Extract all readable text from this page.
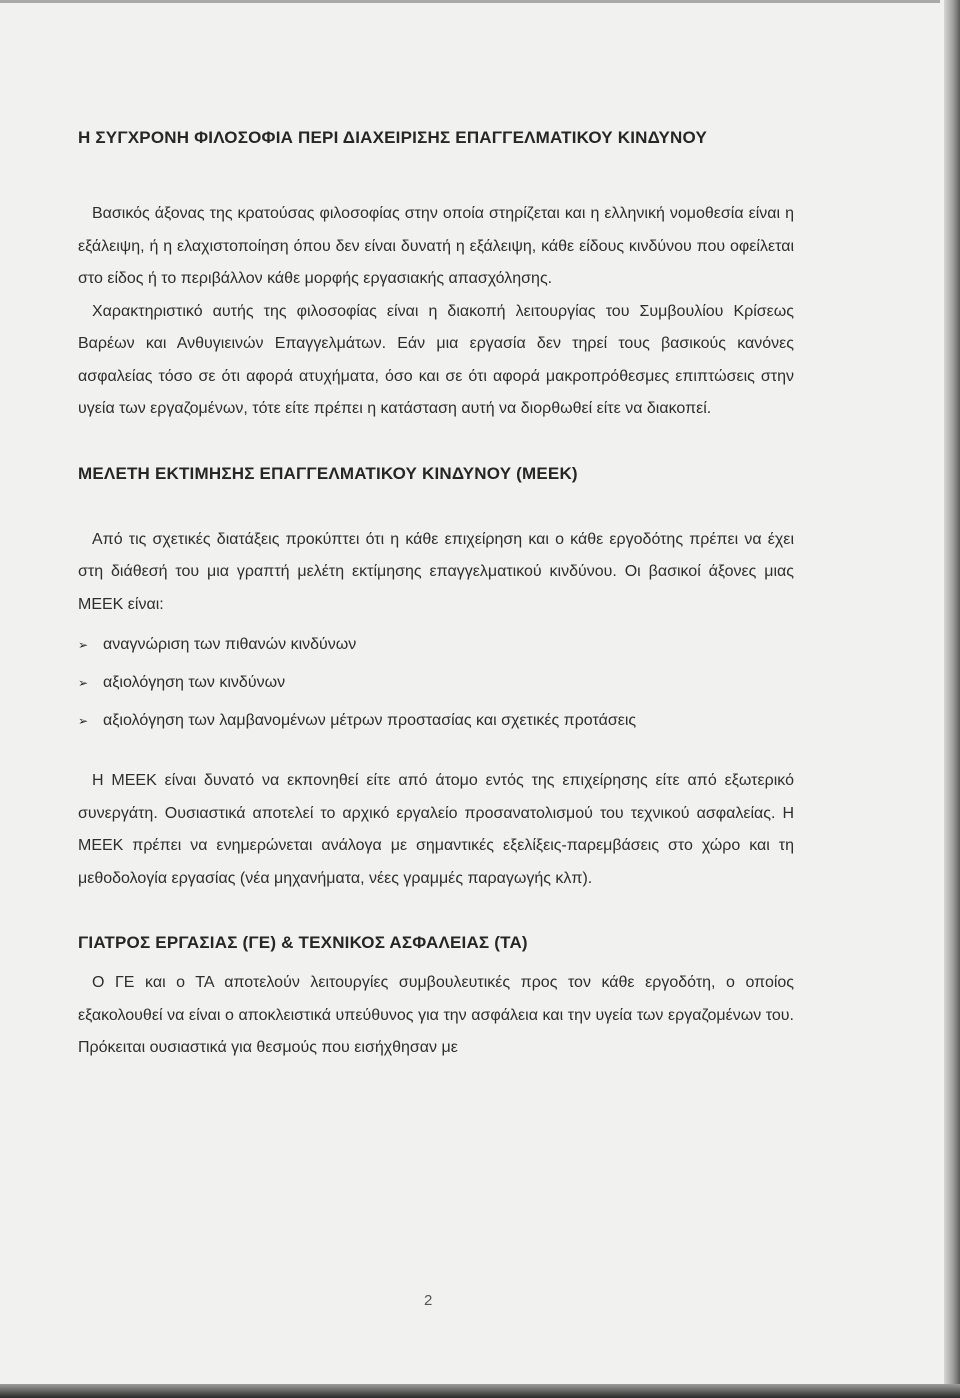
Η ΣΥΓΧΡΟΝΗ ΦΙΛΟΣΟΦΙΑ ΠΕΡΙ ΔΙΑΧΕΙΡΙΣΗΣ ΕΠΑΓΓΕΛΜΑΤΙΚΟΥ ΚΙΝΔΥΝΟΥ

Βασικός άξονας της κρατούσας φιλοσοφίας στην οποία στηρίζεται και η ελληνική νομοθεσία είναι η εξάλειψη, ή η ελαχιστοποίηση όπου δεν είναι δυνατή η εξάλειψη, κάθε είδους κινδύνου που οφείλεται στο είδος ή το περιβάλλον κάθε μορφής εργασιακής απασχόλησης.

Χαρακτηριστικό αυτής της φιλοσοφίας είναι η διακοπή λειτουργίας του Συμβουλίου Κρίσεως Βαρέων και Ανθυγιεινών Επαγγελμάτων. Εάν μια εργασία δεν τηρεί τους βασικούς κανόνες ασφαλείας τόσο σε ότι αφορά ατυχήματα, όσο και σε ότι αφορά μακροπρόθεσμες επιπτώσεις στην υγεία των εργαζομένων, τότε είτε πρέπει η κατάσταση αυτή να διορθωθεί είτε να διακοπεί.

ΜΕΛΕΤΗ ΕΚΤΙΜΗΣΗΣ ΕΠΑΓΓΕΛΜΑΤΙΚΟΥ ΚΙΝΔΥΝΟΥ (ΜΕΕΚ)

Από τις σχετικές διατάξεις προκύπτει ότι η κάθε επιχείρηση και ο κάθε εργοδότης πρέπει να έχει στη διάθεσή του μια γραπτή μελέτη εκτίμησης επαγγελματικού κινδύνου. Οι βασικοί άξονες μιας ΜΕΕΚ είναι:

➢ αναγνώριση των πιθανών κινδύνων
➢ αξιολόγηση των κινδύνων
➢ αξιολόγηση των λαμβανομένων μέτρων προστασίας και σχετικές προτάσεις

Η ΜΕΕΚ είναι δυνατό να εκπονηθεί είτε από άτομο εντός της επιχείρησης είτε από εξωτερικό συνεργάτη. Ουσιαστικά αποτελεί το αρχικό εργαλείο προσανατολισμού του τεχνικού ασφαλείας. Η ΜΕΕΚ πρέπει να ενημερώνεται ανάλογα με σημαντικές εξελίξεις-παρεμβάσεις στο χώρο και τη μεθοδολογία εργασίας (νέα μηχανήματα, νέες γραμμές παραγωγής κλπ).

ΓΙΑΤΡΟΣ ΕΡΓΑΣΙΑΣ (ΓΕ) & ΤΕΧΝΙΚΟΣ ΑΣΦΑΛΕΙΑΣ (ΤΑ)

Ο ΓΕ και ο ΤΑ αποτελούν λειτουργίες συμβουλευτικές προς τον κάθε εργοδότη, ο οποίος εξακολουθεί να είναι ο αποκλειστικά υπεύθυνος για την ασφάλεια και την υγεία των εργαζομένων του. Πρόκειται ουσιαστικά για θεσμούς που εισήχθησαν με

2
